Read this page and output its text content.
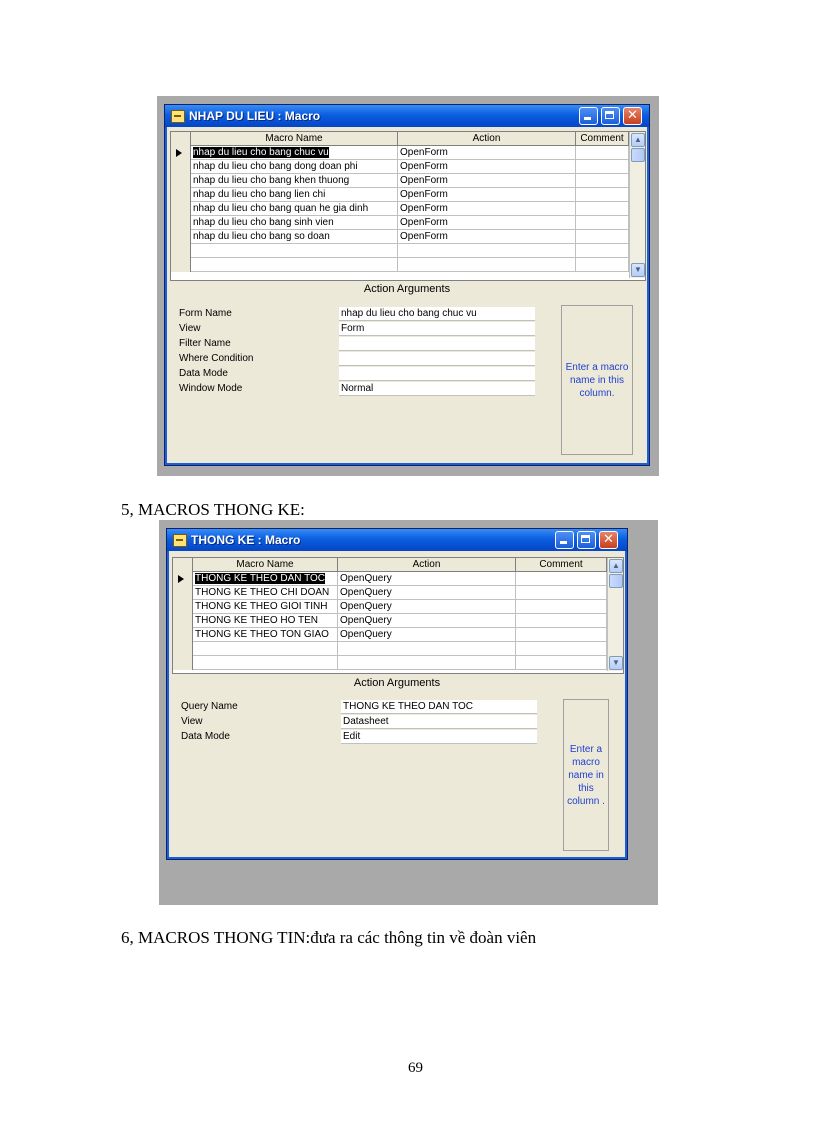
NHAP DU LIEU : Macro	✕
Macro Name	Action	Comment
nhap du lieu cho bang chuc vu	OpenForm
nhap du lieu cho bang dong doan phi	OpenForm
nhap du lieu cho bang khen thuong	OpenForm
nhap du lieu cho bang lien chi	OpenForm
nhap du lieu cho bang quan he gia dinh	OpenForm
nhap du lieu cho bang sinh vien	OpenForm
nhap du lieu cho bang so doan	OpenForm
▲
▼
Action Arguments
Form Name	nhap du lieu cho bang chuc vu
View	Form
Filter Name
Where Condition
Data Mode
Window Mode	Normal
Enter a macro name in this column.
5, MACROS THONG KE:
THONG KE : Macro	✕
Macro Name	Action	Comment
THONG KE THEO DAN TOC	OpenQuery
THONG KE THEO CHI DOAN	OpenQuery
THONG KE THEO GIOI TINH	OpenQuery
THONG KE THEO HO TEN	OpenQuery
THONG KE THEO TON GIAO	OpenQuery
▲
▼
Action Arguments
Query Name	THONG KE THEO DAN TOC
View	Datasheet
Data Mode	Edit
Enter a macro name in this column .
6, MACROS THONG TIN:đưa ra các thông tin về đoàn viên
69
